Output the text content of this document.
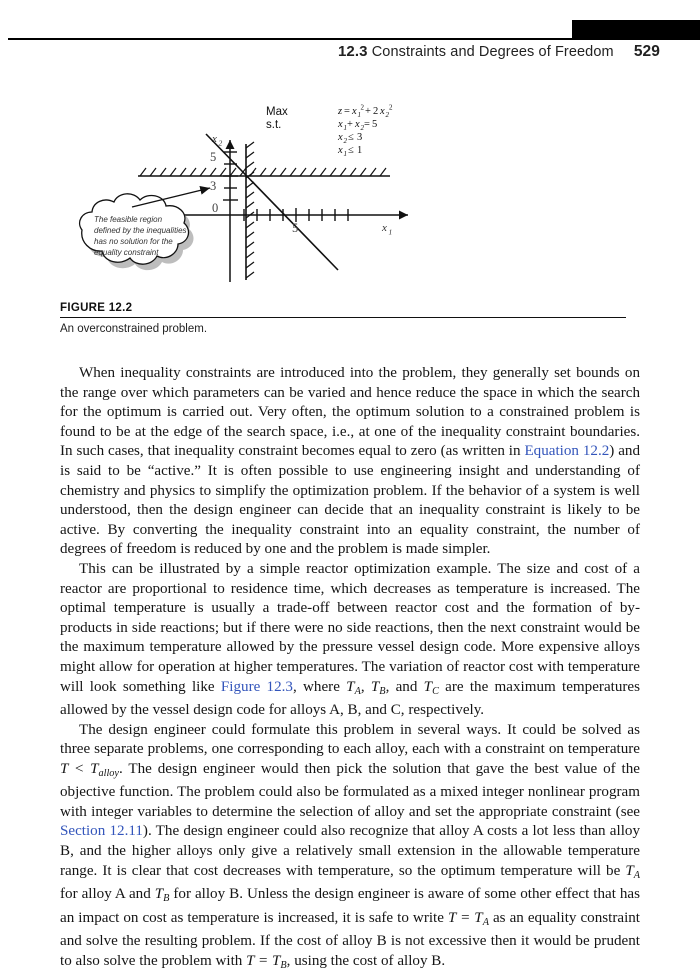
12.3 Constraints and Degrees of Freedom 529
x 2
x 1
5
3
0
5
Max
s.t.
z = x 1
2 + 2 x 2
2
x 1 + x 2 = 5
x 2 ≤ 3
x 1 ≤ 1
The feasible region
defined by the inequalities
has no solution for the
equality constraint
FIGURE 12.2
An overconstrained problem.

When inequality constraints are introduced into the problem, they generally set bounds on the range over which parameters can be varied and hence reduce the space in which the search for the optimum is carried out. Very often, the optimum solution to a constrained problem is found to be at the edge of the search space, i.e., at one of the inequality constraint boundaries. In such cases, that inequality constraint becomes equal to zero (as written in Equation 12.2) and is said to be “active.” It is often possible to use engineering insight and understanding of chemistry and physics to simplify the optimization problem. If the behavior of a system is well understood, then the design engineer can decide that an inequality constraint is likely to be active. By converting the inequality constraint into an equality constraint, the number of degrees of freedom is reduced by one and the problem is made simpler.

This can be illustrated by a simple reactor optimization example. The size and cost of a reactor are proportional to residence time, which decreases as temperature is increased. The optimal temperature is usually a trade-off between reactor cost and the formation of by-products in side reactions; but if there were no side reactions, then the next constraint would be the maximum temperature allowed by the pressure vessel design code. More expensive alloys might allow for operation at higher temperatures. The variation of reactor cost with temperature will look something like Figure 12.3, where $T_A$, $T_B$, and $T_C$ are the maximum temperatures allowed by the vessel design code for alloys A, B, and C, respectively.

The design engineer could formulate this problem in several ways. It could be solved as three separate problems, one corresponding to each alloy, each with a constraint on temperature $T < T_{alloy}$. The design engineer would then pick the solution that gave the best value of the objective function. The problem could also be formulated as a mixed integer nonlinear program with integer variables to determine the selection of alloy and set the appropriate constraint (see Section 12.11). The design engineer could also recognize that alloy A costs a lot less than alloy B, and the higher alloys only give a relatively small extension in the allowable temperature range. It is clear that cost decreases with temperature, so the optimum temperature will be $T_A$ for alloy A and $T_B$ for alloy B. Unless the design engineer is aware of some other effect that has an impact on cost as temperature is increased, it is safe to write $T = T_A$ as an equality constraint and solve the resulting problem. If the cost of alloy B is not excessive then it would be prudent to also solve the problem with $T = T_B$, using the cost of alloy B.
